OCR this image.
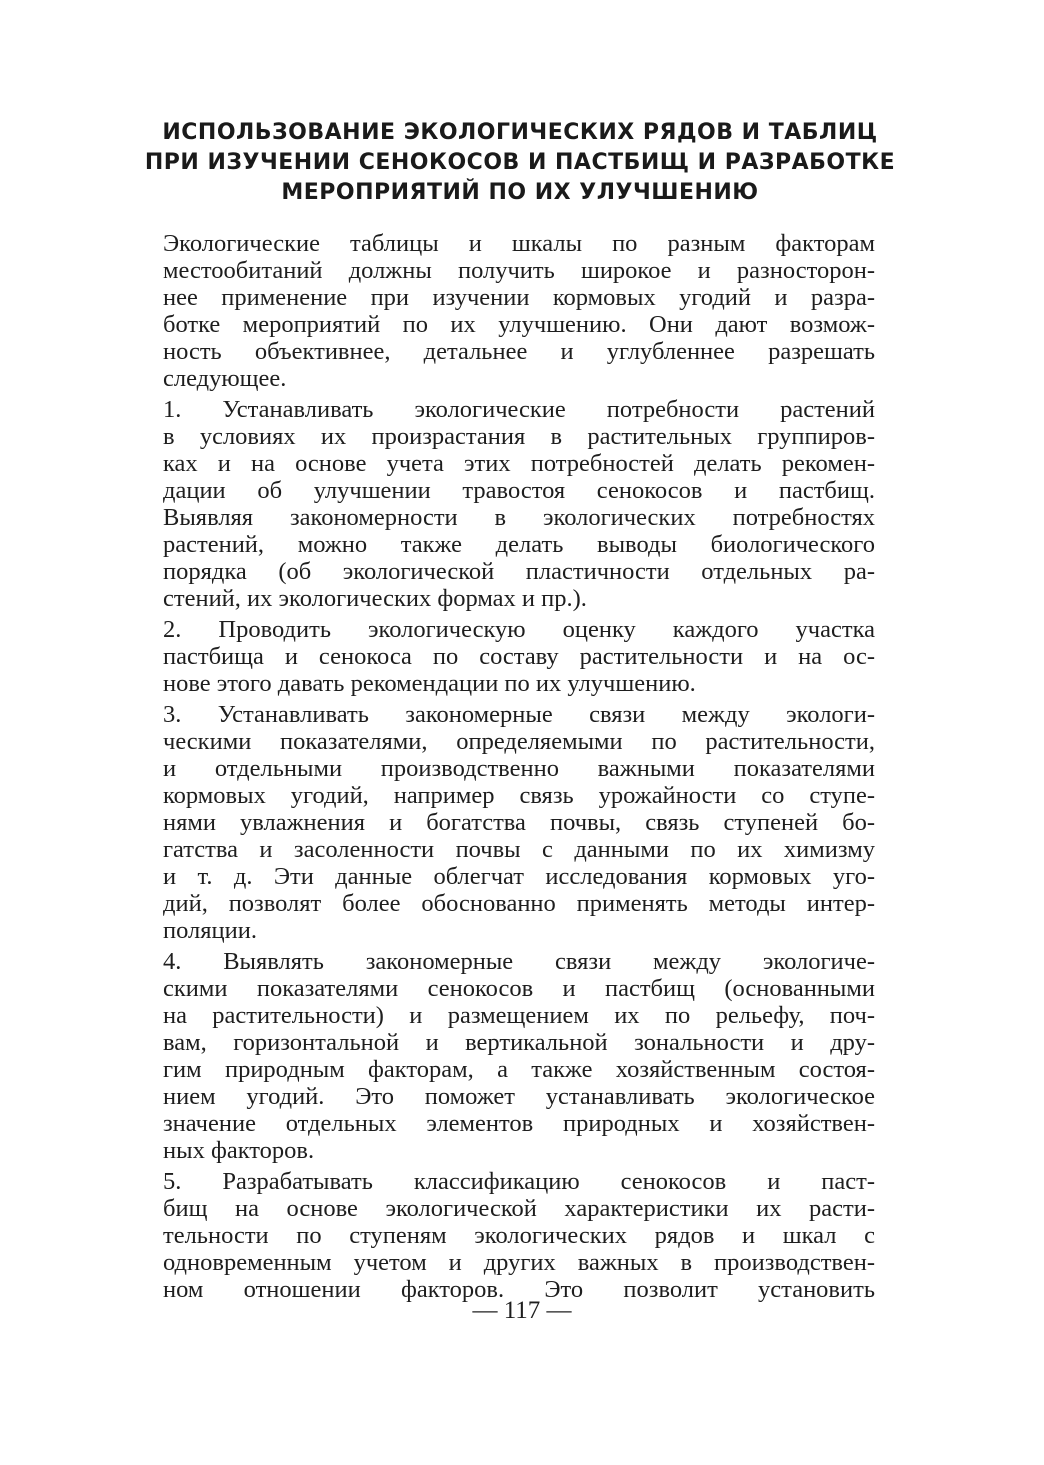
ИСПОЛЬЗОВАНИЕ ЭКОЛОГИЧЕСКИХ РЯДОВ И ТАБЛИЦ
ПРИ ИЗУЧЕНИИ СЕНОКОСОВ И ПАСТБИЩ И РАЗРАБОТКЕ
МЕРОПРИЯТИЙ ПО ИХ УЛУЧШЕНИЮ
Экологические таблицы и шкалы по разным факторам
местообитаний должны получить широкое и разносторон-
нее применение при изучении кормовых угодий и разра-
ботке мероприятий по их улучшению. Они дают возмож-
ность объективнее, детальнее и углубленнее разрешать
следующее.
1. Устанавливать экологические потребности растений
в условиях их произрастания в растительных группиров-
ках и на основе учета этих потребностей делать рекомен-
дации об улучшении травостоя сенокосов и пастбищ.
Выявляя закономерности в экологических потребностях
растений, можно также делать выводы биологического
порядка (об экологической пластичности отдельных ра-
стений, их экологических формах и пр.).
2. Проводить экологическую оценку каждого участка
пастбища и сенокоса по составу растительности и на ос-
нове этого давать рекомендации по их улучшению.
3. Устанавливать закономерные связи между экологи-
ческими показателями, определяемыми по растительности,
и отдельными производственно важными показателями
кормовых угодий, например связь урожайности со ступе-
нями увлажнения и богатства почвы, связь ступеней бо-
гатства и засоленности почвы с данными по их химизму
и т. д. Эти данные облегчат исследования кормовых уго-
дий, позволят более обоснованно применять методы интер-
поляции.
4. Выявлять закономерные связи между экологиче-
скими показателями сенокосов и пастбищ (основанными
на растительности) и размещением их по рельефу, поч-
вам, горизонтальной и вертикальной зональности и дру-
гим природным факторам, а также хозяйственным состоя-
нием угодий. Это поможет устанавливать экологическое
значение отдельных элементов природных и хозяйствен-
ных факторов.
5. Разрабатывать классификацию сенокосов и паст-
бищ на основе экологической характеристики их расти-
тельности по ступеням экологических рядов и шкал с
одновременным учетом и других важных в производствен-
ном отношении факторов. Это позволит установить
— 117 —
